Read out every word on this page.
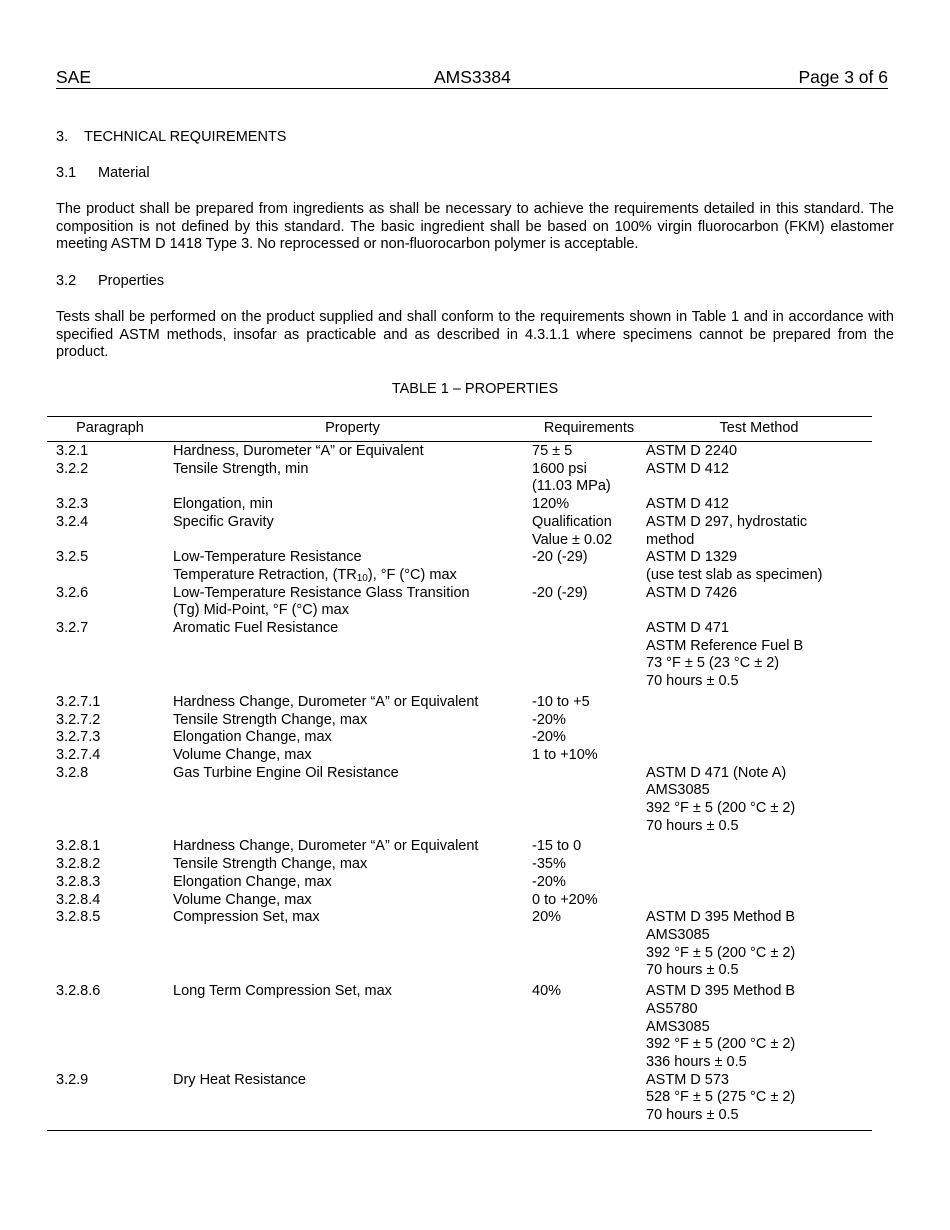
SAE	AMS3384	Page 3 of 6
3. TECHNICAL REQUIREMENTS
3.1 Material
The product shall be prepared from ingredients as shall be necessary to achieve the requirements detailed in this standard. The composition is not defined by this standard. The basic ingredient shall be based on 100% virgin fluorocarbon (FKM) elastomer meeting ASTM D 1418 Type 3. No reprocessed or non-fluorocarbon polymer is acceptable.
3.2 Properties
Tests shall be performed on the product supplied and shall conform to the requirements shown in Table 1 and in accordance with specified ASTM methods, insofar as practicable and as described in 4.3.1.1 where specimens cannot be prepared from the product.
TABLE 1 – PROPERTIES
Paragraph	Property	Requirements	Test Method
3.2.1	Hardness, Durometer “A” or Equivalent	75 ± 5	ASTM D 2240

3.2.2	Tensile Strength, min	1600 psi
(11.03 MPa)	ASTM D 412

3.2.3	Elongation, min	120%	ASTM D 412

3.2.4	Specific Gravity	Qualification
Value ± 0.02	ASTM D 297, hydrostatic
method

3.2.5	Low-Temperature Resistance
Temperature Retraction, $(TR_{10})$, °F (°C) max	-20 (-29)	ASTM D 1329
(use test slab as specimen)

3.2.6	Low-Temperature Resistance Glass Transition
(Tg) Mid-Point, °F (°C) max	-20 (-29)	ASTM D 7426

3.2.7	Aromatic Fuel Resistance		ASTM D 471
ASTM Reference Fuel B
73 °F ± 5 (23 °C ± 2)
70 hours ± 0.5

3.2.7.1	Hardness Change, Durometer “A” or Equivalent	-10 to +5	

3.2.7.2	Tensile Strength Change, max	-20%	

3.2.7.3	Elongation Change, max	-20%	

3.2.7.4	Volume Change, max	1 to +10%	

3.2.8	Gas Turbine Engine Oil Resistance		ASTM D 471 (Note A)
AMS3085
392 °F ± 5 (200 °C ± 2)
70 hours ± 0.5

3.2.8.1	Hardness Change, Durometer “A” or Equivalent	-15 to 0	

3.2.8.2	Tensile Strength Change, max	-35%	

3.2.8.3	Elongation Change, max	-20%	

3.2.8.4	Volume Change, max	0 to +20%	

3.2.8.5	Compression Set, max	20%	ASTM D 395 Method B
AMS3085
392 °F ± 5 (200 °C ± 2)
70 hours ± 0.5

3.2.8.6	Long Term Compression Set, max	40%	ASTM D 395 Method B
AS5780
AMS3085
392 °F ± 5 (200 °C ± 2)
336 hours ± 0.5

3.2.9	Dry Heat Resistance		ASTM D 573
528 °F ± 5 (275 °C ± 2)
70 hours ± 0.5
